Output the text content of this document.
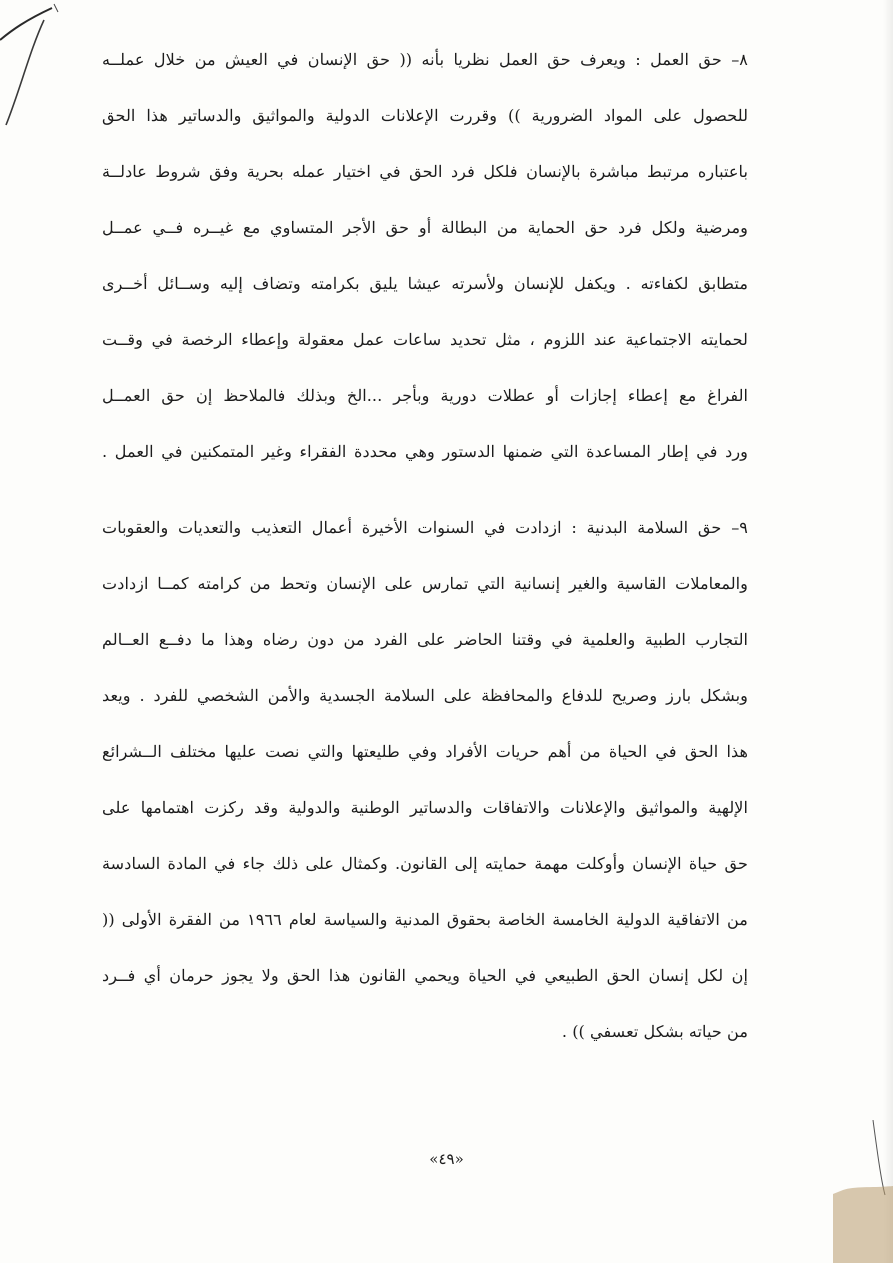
٨– حق العمل : ويعرف حق العمل نظريا بأنه (( حق الإنسان في العيش من خلال عملــه
للحصول على المواد الضرورية )) وقررت الإعلانات الدولية والمواثيق والدساتير هذا الحق
باعتباره مرتبط مباشرة بالإنسان فلكل فرد الحق في اختيار عمله بحرية وفق شروط عادلــة
ومرضية ولكل فرد حق الحماية من البطالة أو حق الأجر المتساوي مع غيــره فــي عمــل
متطابق لكفاءته . ويكفل للإنسان ولأسرته عيشا يليق بكرامته وتضاف إليه وســائل أخــرى
لحمايته الاجتماعية عند اللزوم ، مثل تحديد ساعات عمل معقولة وإعطاء الرخصة في وقــت
الفراغ مع إعطاء إجازات أو عطلات دورية وبأجر ...الخ وبذلك فالملاحظ إن حق العمــل
ورد في إطار المساعدة التي ضمنها الدستور وهي محددة الفقراء وغير المتمكنين في العمل .
٩– حق السلامة البدنية : ازدادت في السنوات الأخيرة أعمال التعذيب والتعديات والعقوبات
والمعاملات القاسية والغير إنسانية التي تمارس على الإنسان وتحط من كرامته كمــا ازدادت
التجارب الطبية والعلمية في وقتنا الحاضر على الفرد من دون رضاه وهذا ما دفــع العــالم
وبشكل بارز وصريح للدفاع والمحافظة على السلامة الجسدية والأمن الشخصي للفرد . ويعد
هذا الحق في الحياة من أهم حريات الأفراد وفي طليعتها والتي نصت عليها مختلف الــشرائع
الإلهية والمواثيق والإعلانات والاتفاقات والدساتير الوطنية والدولية وقد ركزت اهتمامها على
حق حياة الإنسان وأوكلت مهمة حمايته إلى القانون. وكمثال على ذلك جاء في المادة السادسة
من الاتفاقية الدولية الخامسة الخاصة بحقوق المدنية والسياسة لعام ١٩٦٦ من الفقرة الأولى ((
إن لكل إنسان الحق الطبيعي في الحياة ويحمي القانون هذا الحق ولا يجوز حرمان أي فــرد
من حياته بشكل تعسفي )) .
«٤٩»
